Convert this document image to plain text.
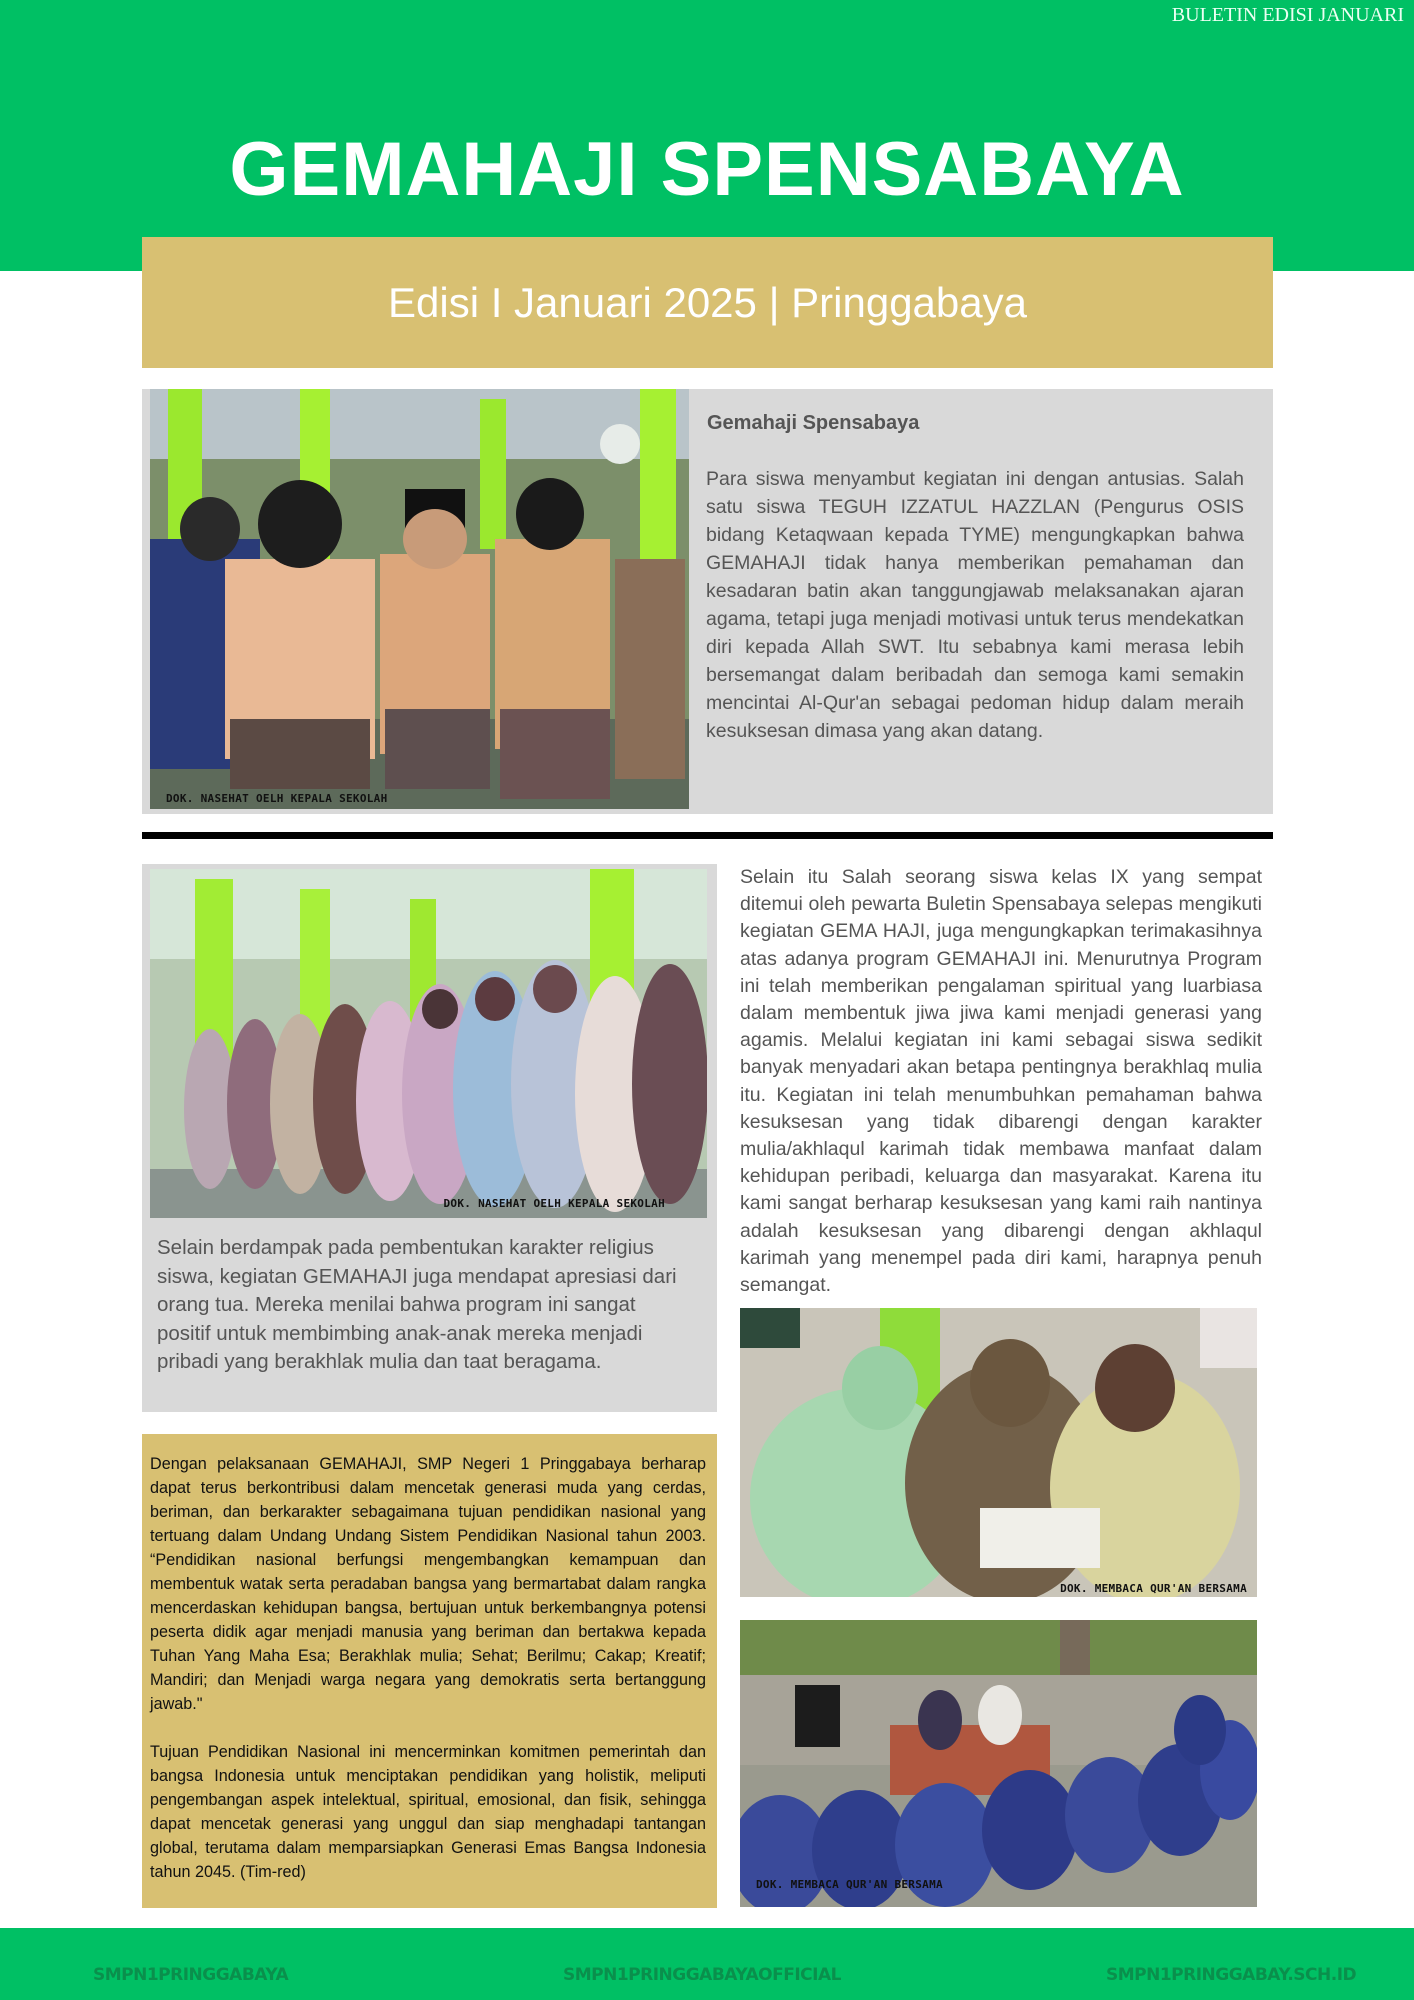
BULETIN EDISI JANUARI
GEMAHAJI SPENSABAYA
Edisi I Januari 2025 | Pringgabaya
DOK. NASEHAT OELH KEPALA SEKOLAH
Gemahaji Spensabaya
Para siswa menyambut kegiatan ini dengan antusias. Salah satu siswa TEGUH IZZATUL HAZZLAN (Pengurus OSIS bidang Ketaqwaan kepada TYME) mengungkapkan bahwa GEMAHAJI tidak hanya memberikan pemahaman dan kesadaran batin akan tanggungjawab melaksanakan ajaran agama, tetapi juga menjadi motivasi untuk terus mendekatkan diri kepada Allah SWT. Itu sebabnya kami merasa lebih bersemangat dalam beribadah dan semoga kami semakin mencintai Al-Qur'an sebagai pedoman hidup dalam meraih kesuksesan dimasa yang akan datang.
DOK. NASEHAT OELH KEPALA SEKOLAH
Selain berdampak pada pembentukan karakter religius siswa, kegiatan GEMAHAJI juga mendapat apresiasi dari orang tua. Mereka menilai bahwa program ini sangat positif untuk membimbing anak-anak mereka menjadi pribadi yang berakhlak mulia dan taat beragama.

Dengan pelaksanaan GEMAHAJI, SMP Negeri 1 Pringgabaya berharap dapat terus berkontribusi dalam mencetak generasi muda yang cerdas, beriman, dan berkarakter sebagaimana tujuan pendidikan nasional yang tertuang dalam Undang Undang Sistem Pendidikan Nasional tahun 2003. “Pendidikan nasional berfungsi mengembangkan kemampuan dan membentuk watak serta peradaban bangsa yang bermartabat dalam rangka mencerdaskan kehidupan bangsa, bertujuan untuk berkembangnya potensi peserta didik agar menjadi manusia yang beriman dan bertakwa kepada Tuhan Yang Maha Esa; Berakhlak mulia; Sehat; Berilmu; Cakap; Kreatif; Mandiri; dan Menjadi warga negara yang demokratis serta bertanggung jawab."

Tujuan Pendidikan Nasional ini mencerminkan komitmen pemerintah dan bangsa Indonesia untuk menciptakan pendidikan yang holistik, meliputi pengembangan aspek intelektual, spiritual, emosional, dan fisik, sehingga dapat mencetak generasi yang unggul dan siap menghadapi tantangan global, terutama dalam memparsiapkan Generasi Emas Bangsa Indonesia tahun 2045. (Tim-red)

Selain itu Salah seorang siswa kelas IX yang sempat ditemui oleh pewarta Buletin Spensabaya selepas mengikuti kegiatan GEMA HAJI, juga mengungkapkan terimakasihnya atas adanya program GEMAHAJI ini. Menurutnya Program ini telah memberikan pengalaman spiritual yang luarbiasa dalam membentuk jiwa jiwa kami menjadi generasi yang agamis. Melalui kegiatan ini kami sebagai siswa sedikit banyak menyadari akan betapa pentingnya berakhlaq mulia itu. Kegiatan ini telah menumbuhkan pemahaman bahwa kesuksesan yang tidak dibarengi dengan karakter mulia/akhlaqul karimah tidak membawa manfaat dalam kehidupan peribadi, keluarga dan masyarakat. Karena itu kami sangat berharap kesuksesan yang kami raih nantinya adalah kesuksesan yang dibarengi dengan akhlaqul karimah yang menempel pada diri kami, harapnya penuh semangat.
DOK. MEMBACA QUR'AN BERSAMA
DOK. MEMBACA QUR'AN BERSAMA
SMPN1PRINGGABAYA	SMPN1PRINGGABAYAOFFICIAL	SMPN1PRINGGABAY.SCH.ID
